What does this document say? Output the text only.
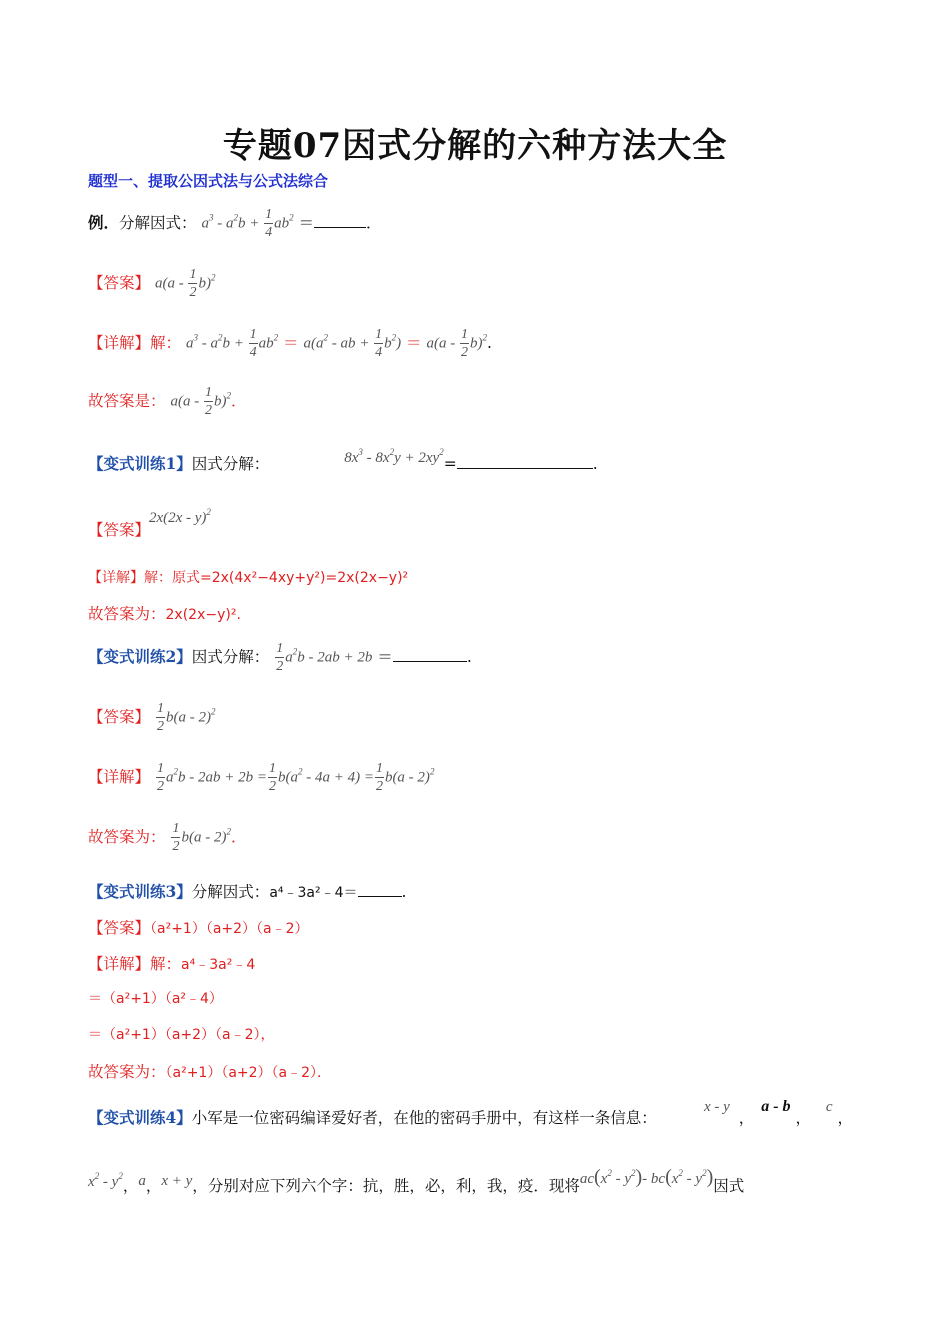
专题07因式分解的六种方法大全
题型一、提取公因式法与公式法综合
例．分解因式： $a^3 - a^2b + \frac{1}{4} ab^2$ ＝	．
【答案】 $a(a - \frac{1}{2} b)^2$
【详解】解： $a^3 - a^2b + \frac{1}{4} ab^2 = a(a^2$ - ab + $\frac{1}{4} b^2) = a(a - \frac{1}{2} b)^2$.
故答案是： $a(a - \frac{1}{2} b)^2$．
【变式训练1】因式分解：	$8x^3 - 8x^2y + 2xy^2=$	.
【答案】 2x(2x - y)$^2$
【详解】解：原式=2x(4x²−4xy+y²)=2x(2x−y)²
故答案为：2x(2x−y)².
【变式训练2】因式分解： $\frac{1}{2} a^2b - 2ab + 2b$ ＝	.
【答案】 $\frac{1}{2} b(a - 2)^2$
【详解】 $\frac{1}{2} a^2b - 2ab + 2b = \frac{1}{2} b(a^2 - 4a + 4) = \frac{1}{2} b(a - 2)^2$
故答案为： $\frac{1}{2} b(a - 2)^2$．
【变式训练3】分解因式：a⁴﹣3a²﹣4＝	.
【答案】（a²+1）（a+2）（a﹣2）
【详解】解：a⁴﹣3a²﹣4
＝（a²+1）（a²﹣4）
＝（a²+1）（a+2）（a﹣2），
故答案为：（a²+1）（a+2）（a﹣2）．
【变式训练4】小军是一位密码编译爱好者，在他的密码手册中，有这样一条信息：
x - y ， a - b ， c ，
$x^2 - y^2$，a，x + y，分别对应下列六个字：抗，胜，必，利，我，疫．现将$ac(x^2 - y^2)-$ $bc(x^2 - y^2)$因式
